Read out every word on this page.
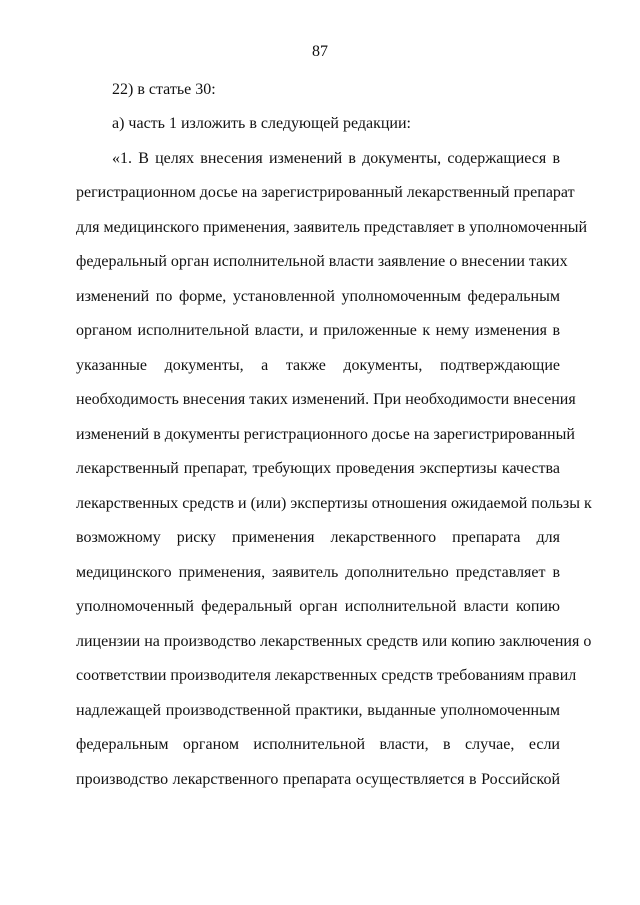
87
22) в статье 30:
а) часть 1 изложить в следующей редакции:
«1. В целях внесения изменений в документы, содержащиеся в
регистрационном досье на зарегистрированный лекарственный препарат
для медицинского применения, заявитель представляет в уполномоченный
федеральный орган исполнительной власти заявление о внесении таких
изменений по форме, установленной уполномоченным федеральным
органом исполнительной власти, и приложенные к нему изменения в
указанные документы, а также документы, подтверждающие
необходимость внесения таких изменений. При необходимости внесения
изменений в документы регистрационного досье на зарегистрированный
лекарственный препарат, требующих проведения экспертизы качества
лекарственных средств и (или) экспертизы отношения ожидаемой пользы к
возможному риску применения лекарственного препарата для
медицинского применения, заявитель дополнительно представляет в
уполномоченный федеральный орган исполнительной власти копию
лицензии на производство лекарственных средств или копию заключения о
соответствии производителя лекарственных средств требованиям правил
надлежащей производственной практики, выданные уполномоченным
федеральным органом исполнительной власти, в случае, если
производство лекарственного препарата осуществляется в Российской
